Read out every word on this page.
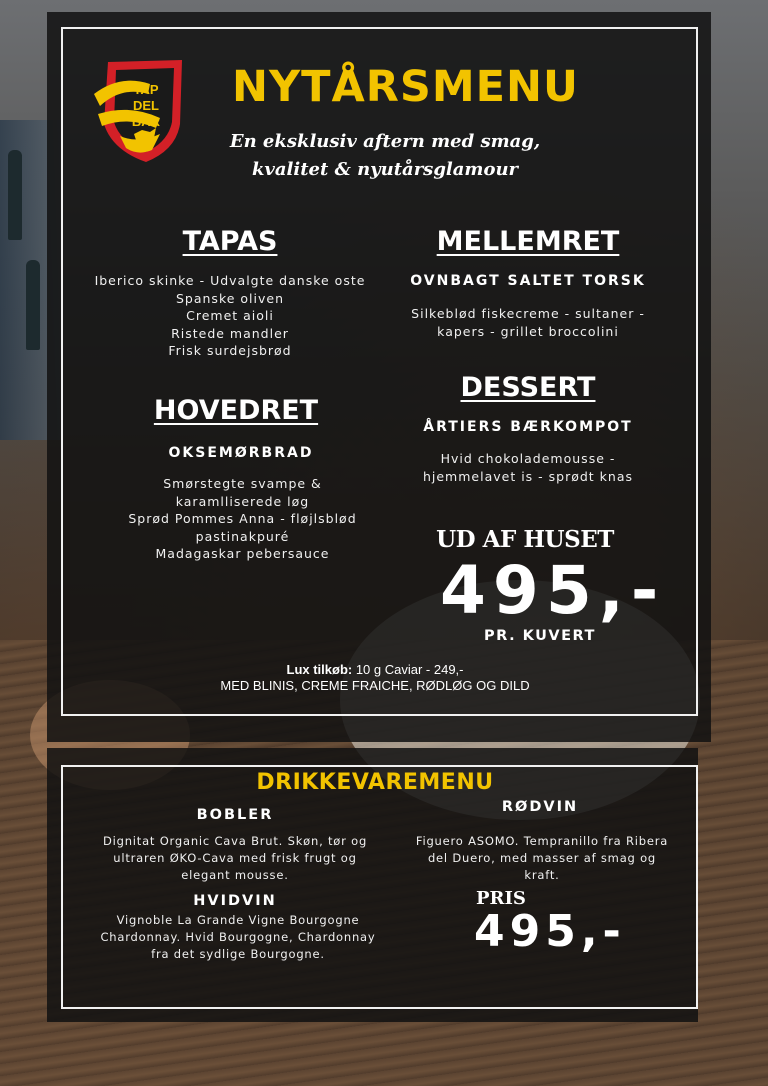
TAP
DEL
BAR
NYTÅRSMENU

En eksklusiv aftern med smag,
kvalitet & nyutårsglamour

TAPAS
Iberico skinke - Udvalgte danske oste
Spanske oliven
Cremet aioli
Ristede mandler
Frisk surdejsbrød
MELLEMRET
OVNBAGT SALTET TORSK
Silkeblød fiskecreme - sultaner -
kapers - grillet broccolini
HOVEDRET
OKSEMØRBRAD
Smørstegte svampe &
karamlliserede løg
Sprød Pommes Anna - fløjlsblød
pastinakpuré
Madagaskar pebersauce
DESSERT
ÅRTIERS BÆRKOMPOT
Hvid chokolademousse -
hjemmelavet is - sprødt knas
UD AF HUSET
495,-
PR. KUVERT
Lux tilkøb: 10 g Caviar - 249,-
MED BLINIS, CREME FRAICHE, RØDLØG OG DILD
DRIKKEVAREMENU
BOBLER

Dignitat Organic Cava Brut. Skøn, tør og
ultraren ØKO-Cava med frisk frugt og
elegant mousse.

RØDVIN

Figuero ASOMO. Tempranillo fra Ribera
del Duero, med masser af smag og
kraft.

HVIDVIN

Vignoble La Grande Vigne Bourgogne
Chardonnay. Hvid Bourgogne, Chardonnay
fra det sydlige Bourgogne.

PRIS
495,-
